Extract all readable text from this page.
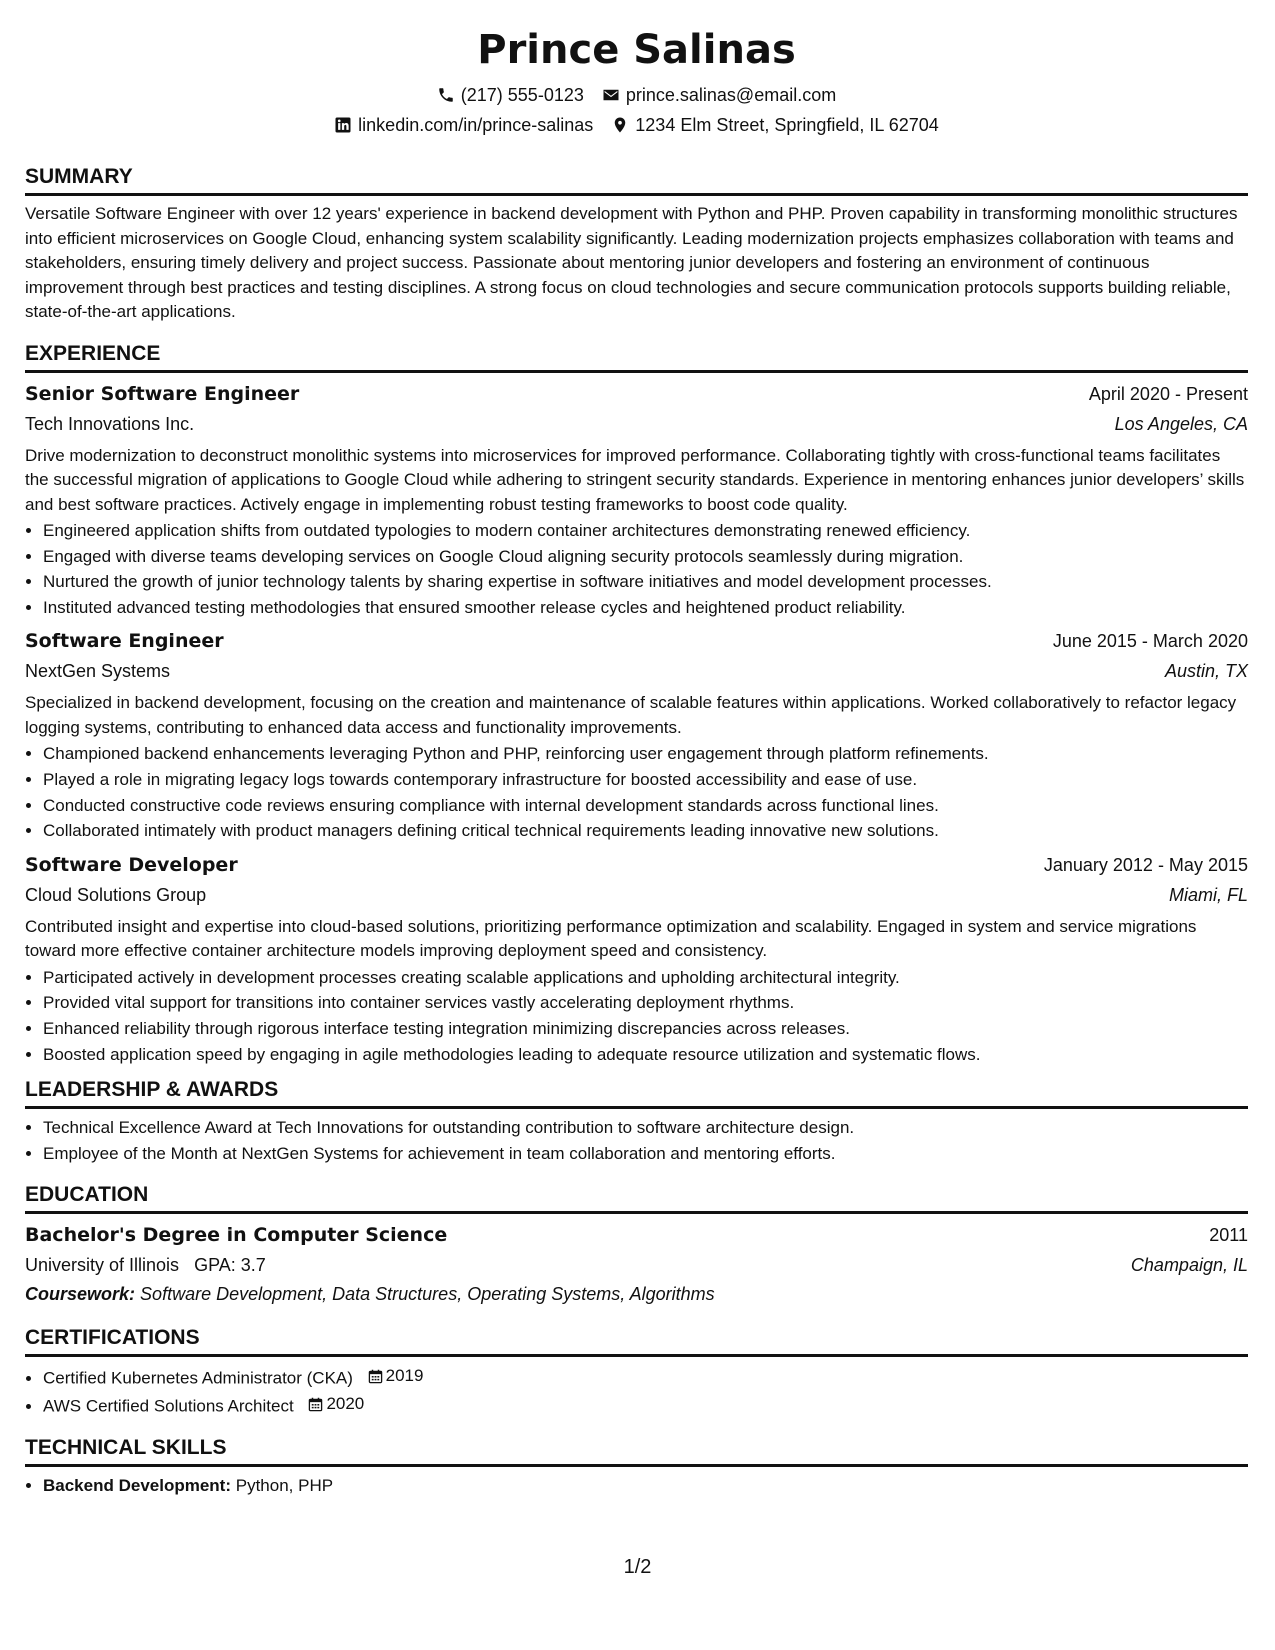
Prince Salinas
(217) 555-0123 prince.salinas@email.com
linkedin.com/in/prince-salinas 1234 Elm Street, Springfield, IL 62704
SUMMARY

Versatile Software Engineer with over 12 years' experience in backend development with Python and PHP. Proven capability in transforming monolithic structures into efficient microservices on Google Cloud, enhancing system scalability significantly. Leading modernization projects emphasizes collaboration with teams and stakeholders, ensuring timely delivery and project success. Passionate about mentoring junior developers and fostering an environment of continuous improvement through best practices and testing disciplines. A strong focus on cloud technologies and secure communication protocols supports building reliable, state-of-the-art applications.

EXPERIENCE
Senior Software Engineer	April 2020 - Present
Tech Innovations Inc.	Los Angeles, CA

Drive modernization to deconstruct monolithic systems into microservices for improved performance. Collaborating tightly with cross-functional teams facilitates the successful migration of applications to Google Cloud while adhering to stringent security standards. Experience in mentoring enhances junior developers’ skills and best software practices. Actively engage in implementing robust testing frameworks to boost code quality.

• Engineered application shifts from outdated typologies to modern container architectures demonstrating renewed efficiency.
• Engaged with diverse teams developing services on Google Cloud aligning security protocols seamlessly during migration.
• Nurtured the growth of junior technology talents by sharing expertise in software initiatives and model development processes.
• Instituted advanced testing methodologies that ensured smoother release cycles and heightened product reliability.
Software Engineer	June 2015 - March 2020
NextGen Systems	Austin, TX

Specialized in backend development, focusing on the creation and maintenance of scalable features within applications. Worked collaboratively to refactor legacy logging systems, contributing to enhanced data access and functionality improvements.

• Championed backend enhancements leveraging Python and PHP, reinforcing user engagement through platform refinements.
• Played a role in migrating legacy logs towards contemporary infrastructure for boosted accessibility and ease of use.
• Conducted constructive code reviews ensuring compliance with internal development standards across functional lines.
• Collaborated intimately with product managers defining critical technical requirements leading innovative new solutions.
Software Developer	January 2012 - May 2015
Cloud Solutions Group	Miami, FL

Contributed insight and expertise into cloud-based solutions, prioritizing performance optimization and scalability. Engaged in system and service migrations toward more effective container architecture models improving deployment speed and consistency.

• Participated actively in development processes creating scalable applications and upholding architectural integrity.
• Provided vital support for transitions into container services vastly accelerating deployment rhythms.
• Enhanced reliability through rigorous interface testing integration minimizing discrepancies across releases.
• Boosted application speed by engaging in agile methodologies leading to adequate resource utilization and systematic flows.
LEADERSHIP & AWARDS
• Technical Excellence Award at Tech Innovations for outstanding contribution to software architecture design.
• Employee of the Month at NextGen Systems for achievement in team collaboration and mentoring efforts.
EDUCATION
Bachelor's Degree in Computer Science	2011
University of Illinois GPA: 3.7	Champaign, IL
Coursework: Software Development, Data Structures, Operating Systems, Algorithms
CERTIFICATIONS
• Certified Kubernetes Administrator (CKA) 2019
• AWS Certified Solutions Architect 2020
TECHNICAL SKILLS
• Backend Development: Python, PHP
1/2
